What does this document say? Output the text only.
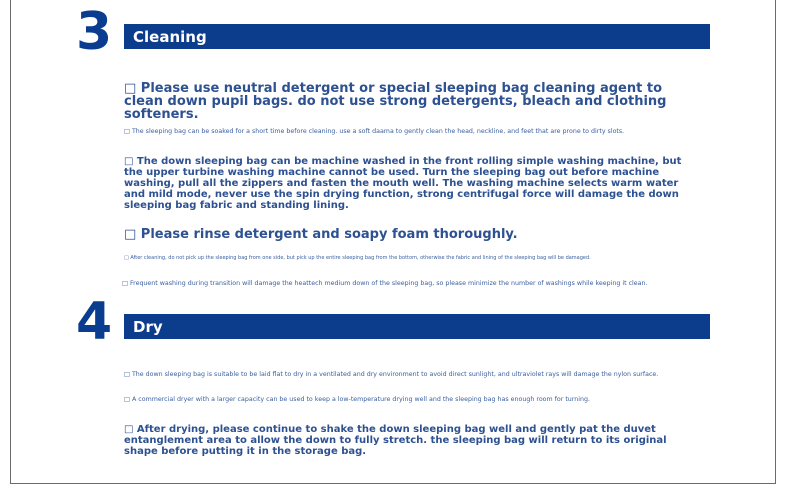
3 Cleaning

□ Please use neutral detergent or special sleeping bag cleaning agent to clean down pupil bags. do not use strong detergents, bleach and clothing softeners.

□ The sleeping bag can be soaked for a short time before cleaning. use a soft daama to gently clean the head, neckline, and feet that are prone to dirty slots.

□ The down sleeping bag can be machine washed in the front rolling simple washing machine, but the upper turbine washing machine cannot be used. Turn the sleeping bag out before machine washing, pull all the zippers and fasten the mouth well. The washing machine selects warm water and mild mode, never use the spin drying function, strong centrifugal force will damage the down sleeping bag fabric and standing lining.

□ Please rinse detergent and soapy foam thoroughly.

□ After cleaning, do not pick up the sleeping bag from one side, but pick up the entire sleeping bag from the bottom, otherwise the fabric and lining of the sleeping bag will be damaged.

□ Frequent washing during transition will damage the heattech medium down of the sleeping bag, so please minimize the number of washings while keeping it clean.

4 Dry

□ The down sleeping bag is suitable to be laid flat to dry in a ventilated and dry environment to avoid direct sunlight, and ultraviolet rays will damage the nylon surface.

□ A commercial dryer with a larger capacity can be used to keep a low-temperature drying well and the sleeping bag has enough room for turning.

□ After drying, please continue to shake the down sleeping bag well and gently pat the duvet entanglement area to allow the down to fully stretch. the sleeping bag will return to its original shape before putting it in the storage bag.
